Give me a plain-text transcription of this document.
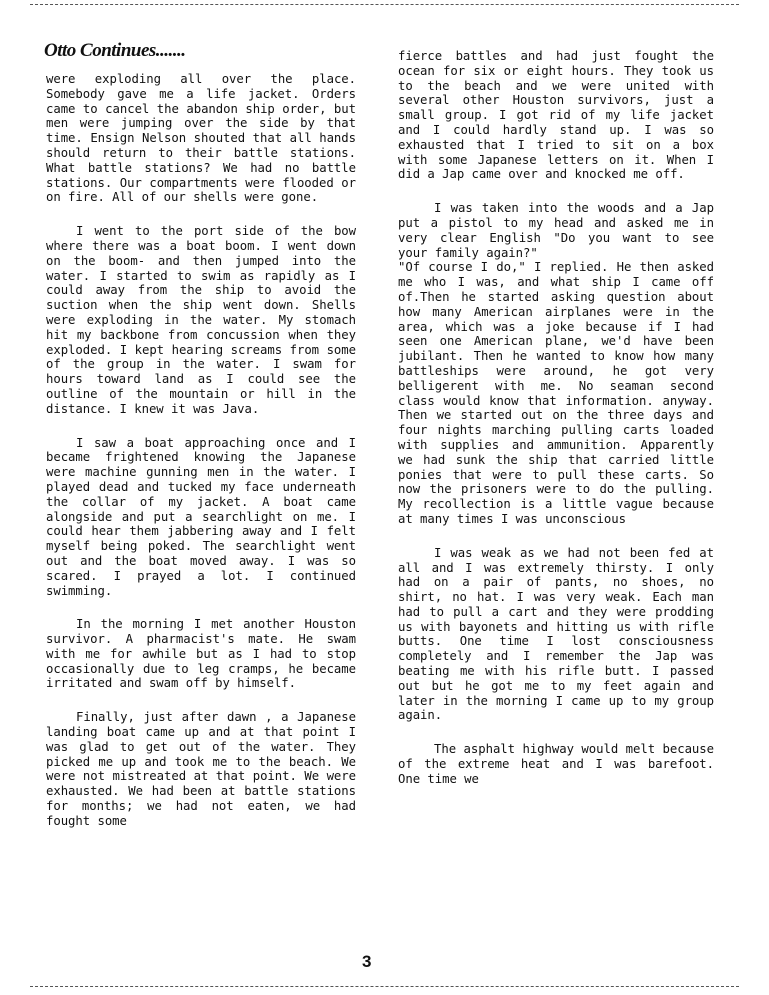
Otto Continues.......

were exploding all over the place. Somebody gave me a life jacket. Orders came to cancel the abandon ship order, but men were jumping over the side by that time. Ensign Nelson shouted that all hands should return to their battle stations. What battle stations? We had no battle stations. Our compartments were flooded or on fire. All of our shells were gone.

I went to the port side of the bow where there was a boat boom. I went down on the boom- and then jumped into the water. I started to swim as rapidly as I could away from the ship to avoid the suction when the ship went down. Shells were exploding in the water. My stomach hit my backbone from concussion when they exploded. I kept hearing screams from some of the group in the water. I swam for hours toward land as I could see the outline of the mountain or hill in the distance. I knew it was Java.

I saw a boat approaching once and I became frightened knowing the Japanese were machine gunning men in the water. I played dead and tucked my face underneath the collar of my jacket. A boat came alongside and put a searchlight on me. I could hear them jabbering away and I felt myself being poked. The searchlight went out and the boat moved away. I was so scared. I prayed a lot. I continued swimming.

In the morning I met another Houston survivor. A pharmacist's mate. He swam with me for awhile but as I had to stop occasionally due to leg cramps, he became irritated and swam off by himself.

Finally, just after dawn , a Japanese landing boat came up and at that point I was glad to get out of the water. They picked me up and took me to the beach. We were not mistreated at that point. We were exhausted. We had been at battle stations for months; we had not eaten, we had fought some

fierce battles and had just fought the ocean for six or eight hours. They took us to the beach and we were united with several other Houston survivors, just a small group. I got rid of my life jacket and I could hardly stand up. I was so exhausted that I tried to sit on a box with some Japanese letters on it. When I did a Jap came over and knocked me off.

I was taken into the woods and a Jap put a pistol to my head and asked me in very clear English "Do you want to see your family again?"
"Of course I do," I replied. He then asked me who I was, and what ship I came off of.Then he started asking question about how many American airplanes were in the area, which was a joke because if I had seen one American plane, we'd have been jubilant. Then he wanted to know how many battleships were around, he got very belligerent with me. No seaman second class would know that information. anyway. Then we started out on the three days and four nights marching pulling carts loaded with supplies and ammunition. Apparently we had sunk the ship that carried little ponies that were to pull these carts. So now the prisoners were to do the pulling. My recollection is a little vague because at many times I was unconscious

I was weak as we had not been fed at all and I was extremely thirsty. I only had on a pair of pants, no shoes, no shirt, no hat. I was very weak. Each man had to pull a cart and they were prodding us with bayonets and hitting us with rifle butts. One time I lost consciousness completely and I remember the Jap was beating me with his rifle butt. I passed out but he got me to my feet again and later in the morning I came up to my group again.

The asphalt highway would melt because of the extreme heat and I was barefoot. One time we

3
